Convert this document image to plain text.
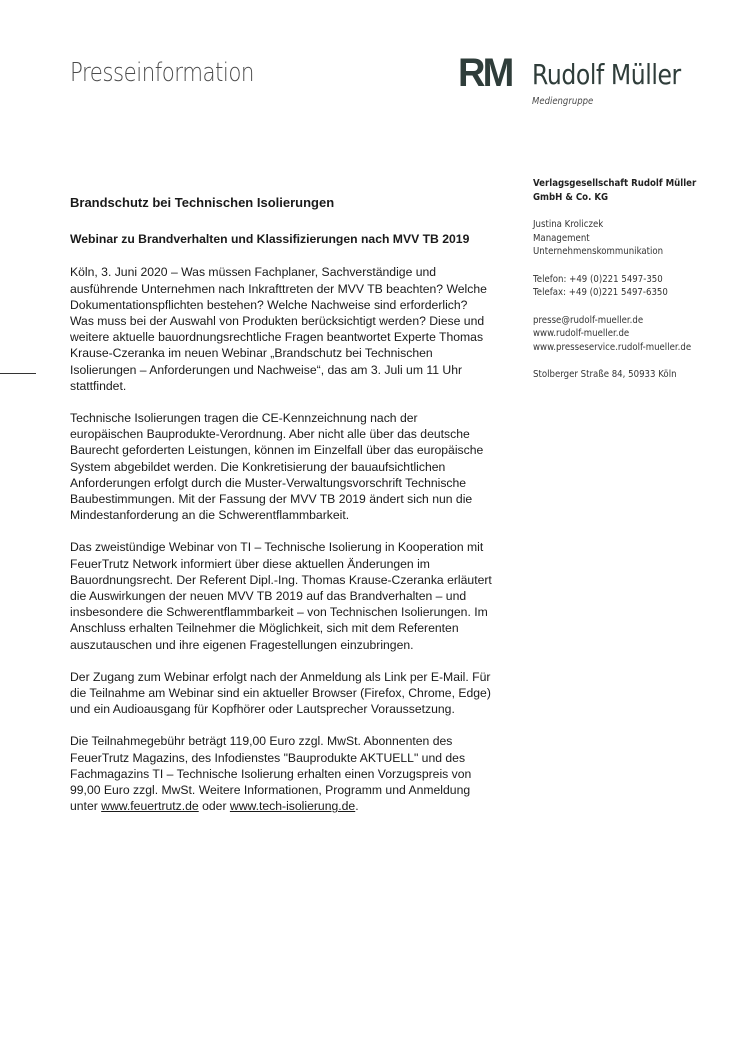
Presseinformation	RM Rudolf Müller
Mediengruppe
Verlagsgesellschaft Rudolf Müller
GmbH & Co. KG
Justina Kroliczek
Management
Unternehmenskommunikation
Telefon: +49 (0)221 5497-350
Telefax: +49 (0)221 5497-6350
presse@rudolf-mueller.de
www.rudolf-mueller.de
www.presseservice.rudolf-mueller.de
Stolberger Straße 84, 50933 Köln
Brandschutz bei Technischen Isolierungen
Webinar zu Brandverhalten und Klassifizierungen nach MVV TB 2019
Köln, 3. Juni 2020 – Was müssen Fachplaner, Sachverständige und
ausführende Unternehmen nach Inkrafttreten der MVV TB beachten? Welche
Dokumentationspflichten bestehen? Welche Nachweise sind erforderlich?
Was muss bei der Auswahl von Produkten berücksichtigt werden? Diese und
weitere aktuelle bauordnungsrechtliche Fragen beantwortet Experte Thomas
Krause-Czeranka im neuen Webinar „Brandschutz bei Technischen
Isolierungen – Anforderungen und Nachweise“, das am 3. Juli um 11 Uhr
stattfindet.
Technische Isolierungen tragen die CE-Kennzeichnung nach der
europäischen Bauprodukte-Verordnung. Aber nicht alle über das deutsche
Baurecht geforderten Leistungen, können im Einzelfall über das europäische
System abgebildet werden. Die Konkretisierung der bauaufsichtlichen
Anforderungen erfolgt durch die Muster-Verwaltungsvorschrift Technische
Baubestimmungen. Mit der Fassung der MVV TB 2019 ändert sich nun die
Mindestanforderung an die Schwerentflammbarkeit.
Das zweistündige Webinar von TI – Technische Isolierung in Kooperation mit
FeuerTrutz Network informiert über diese aktuellen Änderungen im
Bauordnungsrecht. Der Referent Dipl.-Ing. Thomas Krause-Czeranka erläutert
die Auswirkungen der neuen MVV TB 2019 auf das Brandverhalten – und
insbesondere die Schwerentflammbarkeit – von Technischen Isolierungen. Im
Anschluss erhalten Teilnehmer die Möglichkeit, sich mit dem Referenten
auszutauschen und ihre eigenen Fragestellungen einzubringen.
Der Zugang zum Webinar erfolgt nach der Anmeldung als Link per E-Mail. Für
die Teilnahme am Webinar sind ein aktueller Browser (Firefox, Chrome, Edge)
und ein Audioausgang für Kopfhörer oder Lautsprecher Voraussetzung.
Die Teilnahmegebühr beträgt 119,00 Euro zzgl. MwSt. Abonnenten des
FeuerTrutz Magazins, des Infodienstes "Bauprodukte AKTUELL" und des
Fachmagazins TI – Technische Isolierung erhalten einen Vorzugspreis von
99,00 Euro zzgl. MwSt. Weitere Informationen, Programm und Anmeldung
unter www.feuertrutz.de oder www.tech-isolierung.de.
